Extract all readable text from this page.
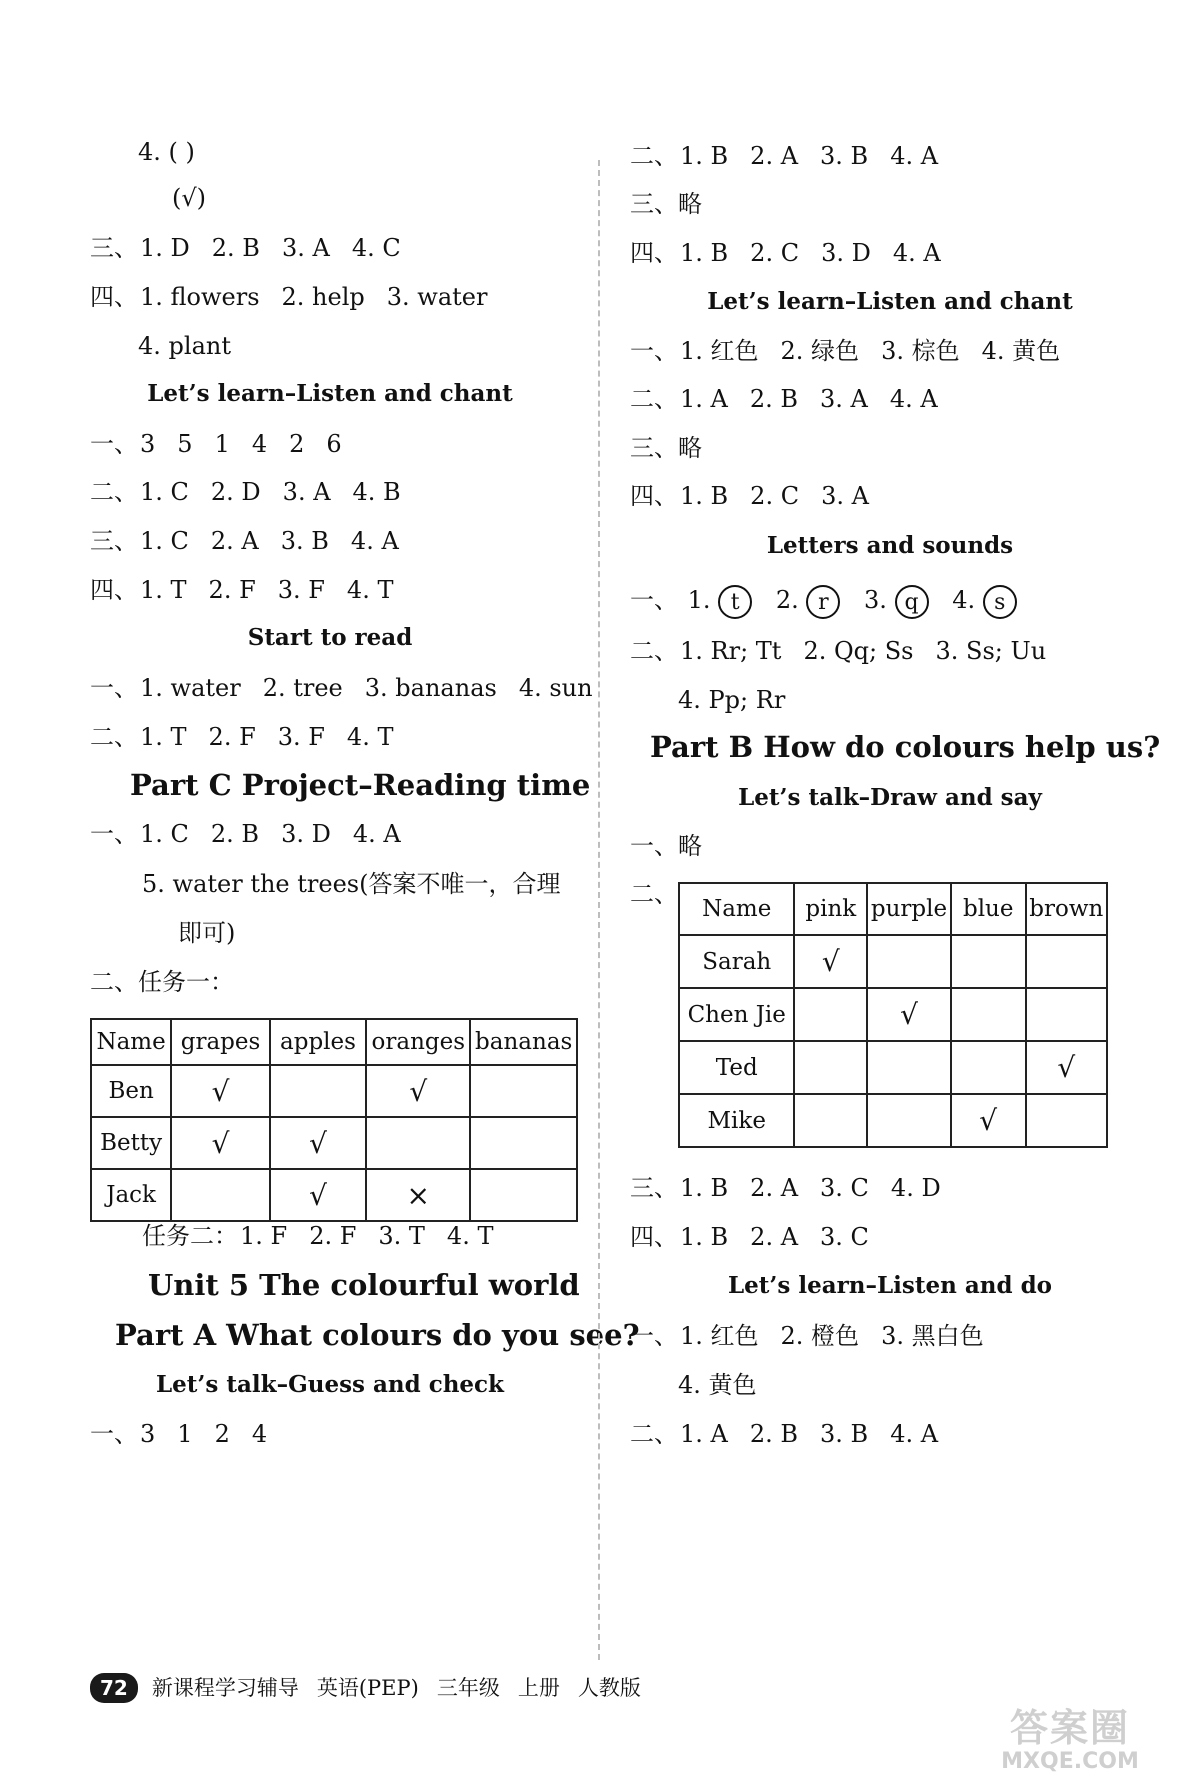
4. ( )
(√)
三、1. D 2. B 3. A 4. C
四、1. flowers 2. help 3. water
4. plant
Let’s learn–Listen and chant
一、3 5 1 4 2 6
二、1. C 2. D 3. A 4. B
三、1. C 2. A 3. B 4. A
四、1. T 2. F 3. F 4. T
Start to read
一、1. water 2. tree 3. bananas 4. sun
二、1. T 2. F 3. F 4. T
Part C Project–Reading time
一、1. C 2. B 3. D 4. A
5. water the trees(答案不唯一，合理
即可)
二、任务一：
Name	grapes	apples	oranges	bananas
Ben	√		√	
Betty	√	√		
Jack		√	×	
任务二：1. F 2. F 3. T 4. T
Unit 5 The colourful world
Part A What colours do you see?
Let’s talk–Guess and check
一、3 1 2 4
二、1. B 2. A 3. B 4. A
三、略
四、1. B 2. C 3. D 4. A
Let’s learn–Listen and chant
一、1. 红色 2. 绿色 3. 棕色 4. 黄色
二、1. A 2. B 3. A 4. A
三、略
四、1. B 2. C 3. A
Letters and sounds
一、 1. t 2. r 3. q 4. s
二、1. Rr; Tt 2. Qq; Ss 3. Ss; Uu
4. Pp; Rr
Part B How do colours help us?
Let’s talk–Draw and say
一、略
二、
Name	pink	purple	blue	brown
Sarah	√			
Chen Jie		√		
Ted				√
Mike			√	
三、1. B 2. A 3. C 4. D
四、1. B 2. A 3. C
Let’s learn–Listen and do
一、1. 红色 2. 橙色 3. 黑白色
4. 黄色
二、1. A 2. B 3. B 4. A
72 新课程学习辅导 英语(PEP) 三年级 上册 人教版
答案圈
MXQE.COM
